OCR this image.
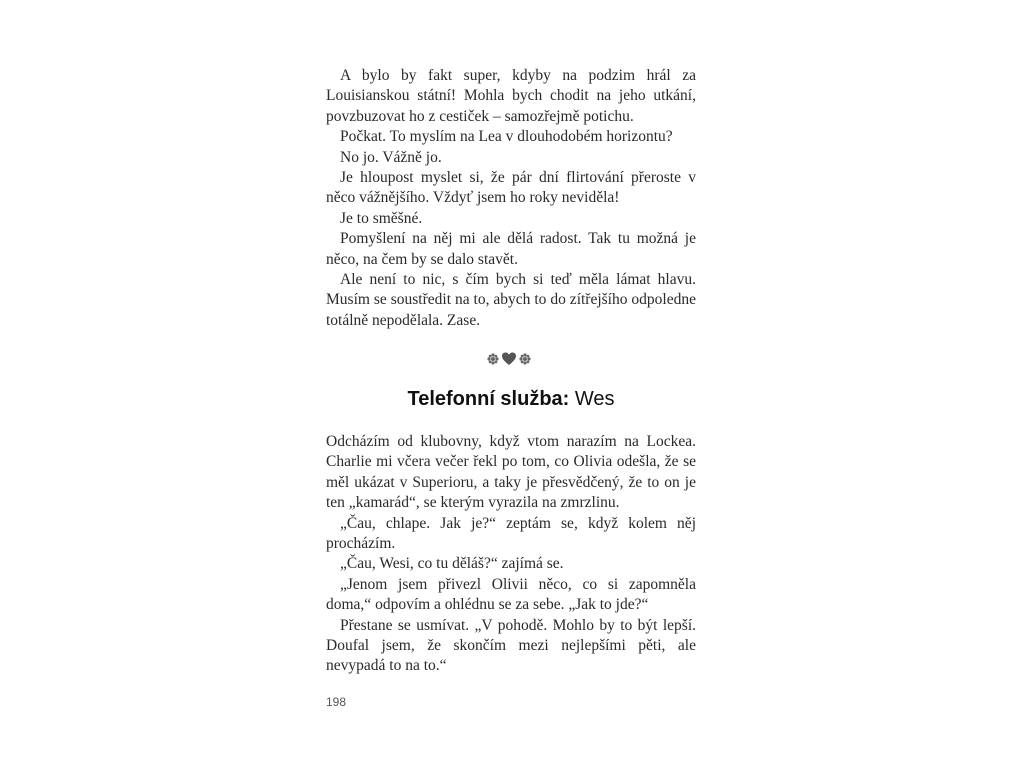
A bylo by fakt super, kdyby na podzim hrál za Louisianskou státní! Mohla bych chodit na jeho utkání, povzbuzovat ho z cestiček – samozřejmě potichu.

Počkat. To myslím na Lea v dlouhodobém horizontu?

No jo. Vážně jo.

Je hloupost myslet si, že pár dní flirtování přeroste v něco vážnějšího. Vždyť jsem ho roky neviděla!

Je to směšné.

Pomyšlení na něj mi ale dělá radost. Tak tu možná je něco, na čem by se dalo stavět.

Ale není to nic, s čím bych si teď měla lámat hlavu. Musím se soustředit na to, abych to do zítřejšího odpoledne totálně nepodělala. Zase.

Telefonní služba: Wes

Odcházím od klubovny, když vtom narazím na Lockea. Charlie mi včera večer řekl po tom, co Olivia odešla, že se měl ukázat v Superioru, a taky je přesvědčený, že to on je ten „kamarád“, se kterým vyrazila na zmrzlinu.

„Čau, chlape. Jak je?“ zeptám se, když kolem něj procházím.

„Čau, Wesi, co tu děláš?“ zajímá se.

„Jenom jsem přivezl Olivii něco, co si zapomněla doma,“ odpovím a ohlédnu se za sebe. „Jak to jde?“

Přestane se usmívat. „V pohodě. Mohlo by to být lepší. Doufal jsem, že skončím mezi nejlepšími pěti, ale nevypadá to na to.“

198
